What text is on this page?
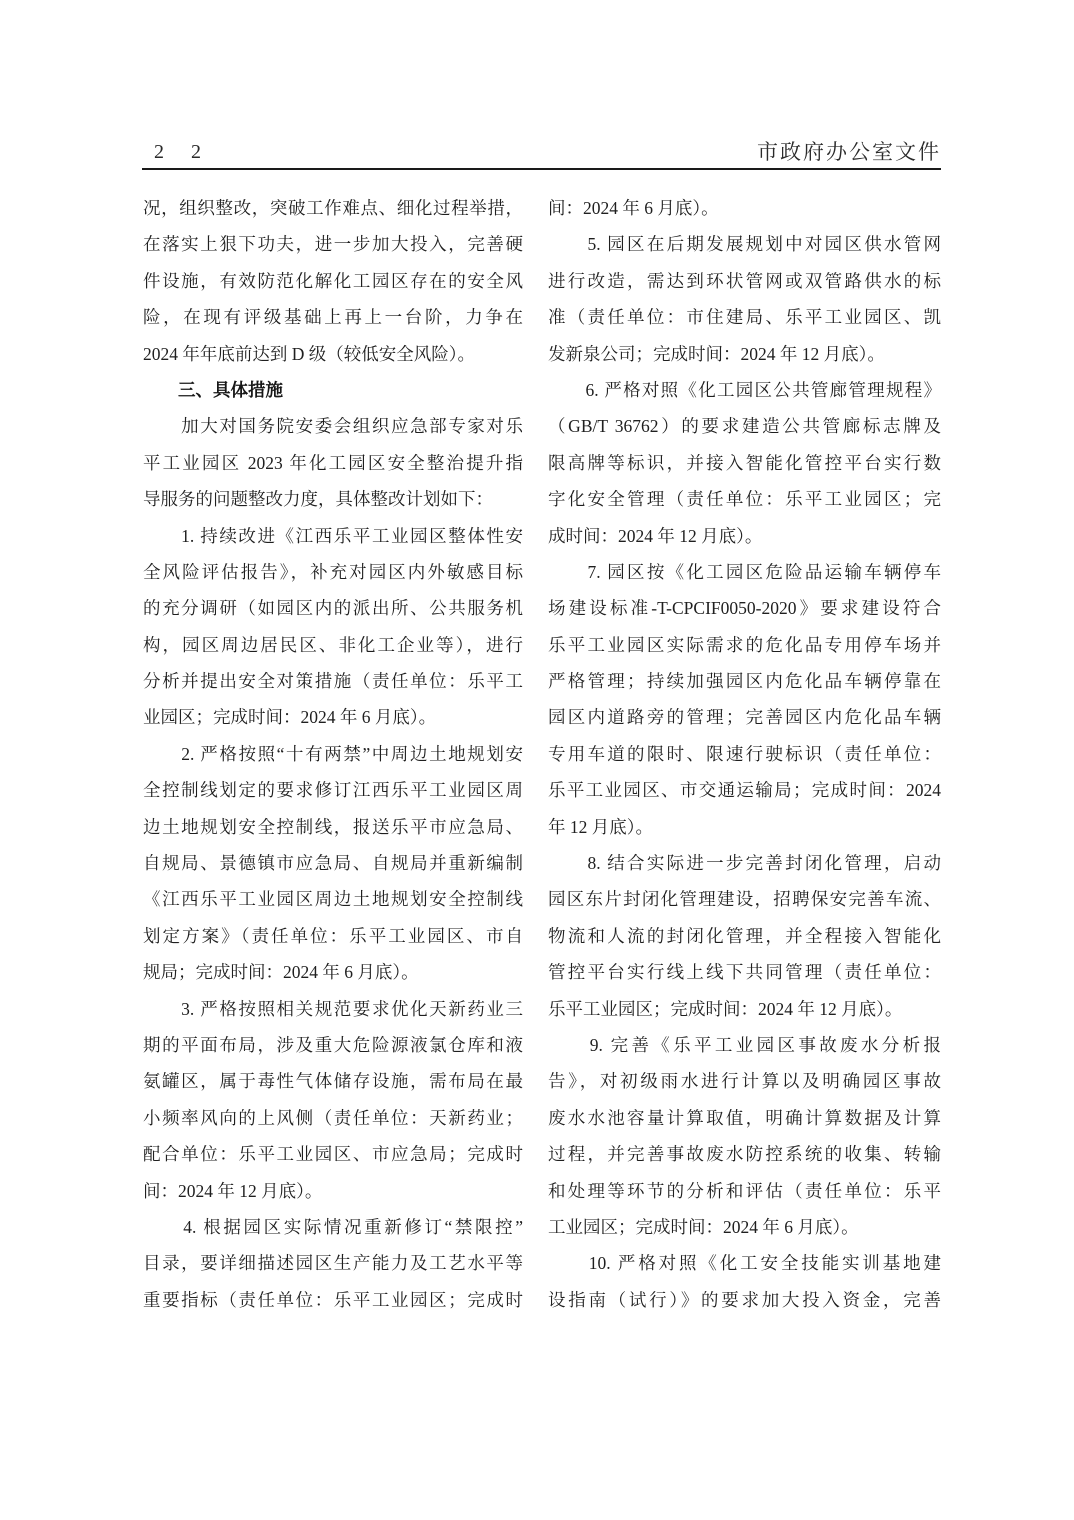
2 2	市政府办公室文件
况，组织整改，突破工作难点、细化过程举措，
在落实上狠下功夫，进一步加大投入，完善硬
件设施，有效防范化解化工园区存在的安全风
险，在现有评级基础上再上一台阶，力争在
2024 年年底前达到 D 级（较低安全风险）。
　　三、具体措施
　　加大对国务院安委会组织应急部专家对乐
平工业园区 2023 年化工园区安全整治提升指
导服务的问题整改力度，具体整改计划如下：
　　1. 持续改进《江西乐平工业园区整体性安
全风险评估报告》，补充对园区内外敏感目标
的充分调研（如园区内的派出所、公共服务机
构，园区周边居民区、非化工企业等），进行
分析并提出安全对策措施（责任单位：乐平工
业园区；完成时间：2024 年 6 月底）。
　　2. 严格按照“十有两禁”中周边土地规划安
全控制线划定的要求修订江西乐平工业园区周
边土地规划安全控制线，报送乐平市应急局、
自规局、景德镇市应急局、自规局并重新编制
《江西乐平工业园区周边土地规划安全控制线
划定方案》（责任单位：乐平工业园区、市自
规局；完成时间：2024 年 6 月底）。
　　3. 严格按照相关规范要求优化天新药业三
期的平面布局，涉及重大危险源液氯仓库和液
氨罐区，属于毒性气体储存设施，需布局在最
小频率风向的上风侧（责任单位：天新药业；
配合单位：乐平工业园区、市应急局；完成时
间：2024 年 12 月底）。
　　4. 根据园区实际情况重新修订“禁限控”
目录，要详细描述园区生产能力及工艺水平等
重要指标（责任单位：乐平工业园区；完成时
间：2024 年 6 月底）。
　　5. 园区在后期发展规划中对园区供水管网
进行改造，需达到环状管网或双管路供水的标
准（责任单位：市住建局、乐平工业园区、凯
发新泉公司；完成时间：2024 年 12 月底）。
　　6. 严格对照《化工园区公共管廊管理规程》
（GB/T 36762）的要求建造公共管廊标志牌及
限高牌等标识，并接入智能化管控平台实行数
字化安全管理（责任单位：乐平工业园区；完
成时间：2024 年 12 月底）。
　　7. 园区按《化工园区危险品运输车辆停车
场建设标准-T-CPCIF0050-2020》要求建设符合
乐平工业园区实际需求的危化品专用停车场并
严格管理；持续加强园区内危化品车辆停靠在
园区内道路旁的管理；完善园区内危化品车辆
专用车道的限时、限速行驶标识（责任单位：
乐平工业园区、市交通运输局；完成时间：2024
年 12 月底）。
　　8. 结合实际进一步完善封闭化管理，启动
园区东片封闭化管理建设，招聘保安完善车流、
物流和人流的封闭化管理，并全程接入智能化
管控平台实行线上线下共同管理（责任单位：
乐平工业园区；完成时间：2024 年 12 月底）。
　　9. 完善《乐平工业园区事故废水分析报
告》，对初级雨水进行计算以及明确园区事故
废水水池容量计算取值，明确计算数据及计算
过程，并完善事故废水防控系统的收集、转输
和处理等环节的分析和评估（责任单位：乐平
工业园区；完成时间：2024 年 6 月底）。
　　10. 严格对照《化工安全技能实训基地建
设指南（试行）》的要求加大投入资金，完善
